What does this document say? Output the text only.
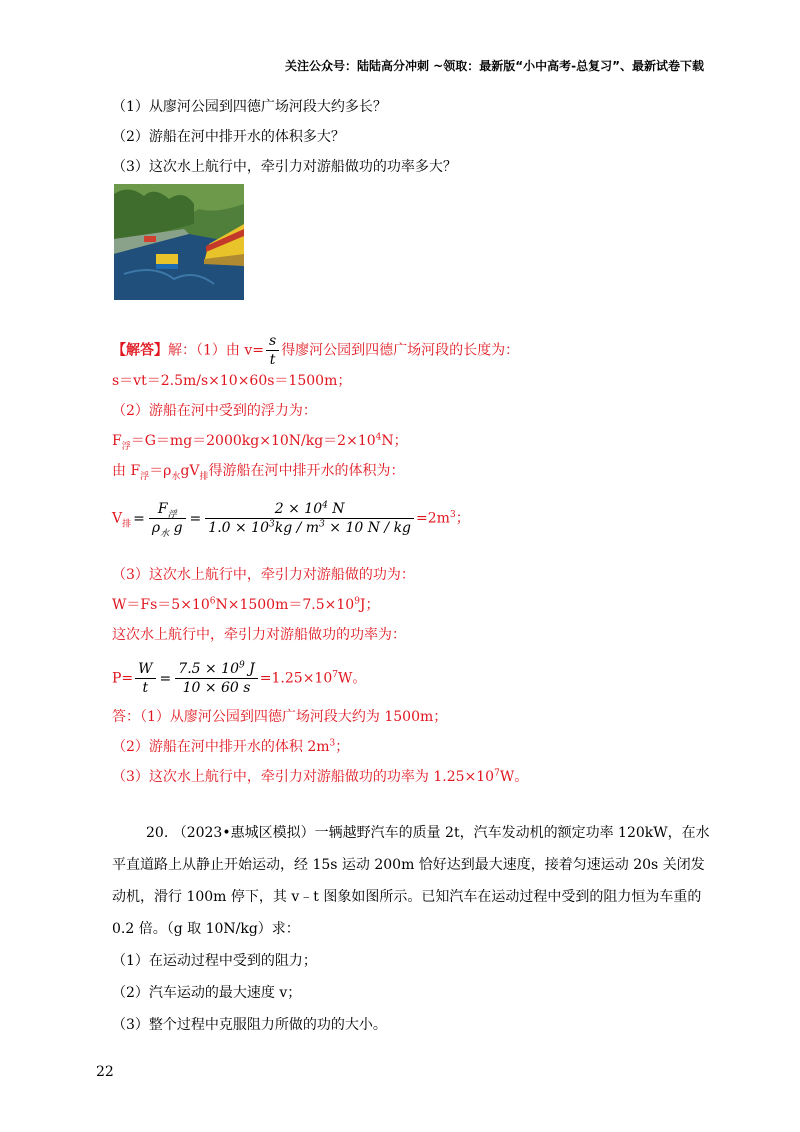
关注公众号：陆陆高分冲刺 ~领取：最新版“小中高考-总复习”、最新试卷下载
（1）从廖河公园到四德广场河段大约多长？
（2）游船在河中排开水的体积多大？
（3）这次水上航行中，牵引力对游船做功的功率多大？
【解答】解：（1）由 $v= \frac{s}{t}$ 得廖河公园到四德广场河段的长度为：
s＝vt＝2.5m/s×10×60s＝1500m；
（2）游船在河中受到的浮力为：
$F_浮=G=mg=2000kg\times 10N/kg=2\times 10^4N$；
由 $F_浮=\rho_水gV_排$得游船在河中排开水的体积为：
$V_排 = \frac{F_浮}{\rho_水 g} = \frac{2 \times 10^4 N}{1.0 \times 10^3kg / m^3 \times 10 N / kg} =2m^3$；
（3）这次水上航行中，牵引力对游船做的功为：
$W=Fs=5\times 10^6N\times 1500m=7.5\times 10^9J$；
这次水上航行中，牵引力对游船做功的功率为：
$P= \frac{W}{t} = \frac{7.5 \times 10^9 J}{10 \times 60 s} =1.25\times 10^7W$。
答：（1）从廖河公园到四德广场河段大约为 1500m；
（2）游船在河中排开水的体积 $2m^3$；
（3）这次水上航行中，牵引力对游船做功的功率为 $1.25\times 10^7W$。
20. （2023•惠城区模拟）一辆越野汽车的质量 2t，汽车发动机的额定功率 120kW，在水
平直道路上从静止开始运动，经 15s 运动 200m 恰好达到最大速度，接着匀速运动 20s 关闭发
动机，滑行 100m 停下，其 v﹣t 图象如图所示。已知汽车在运动过程中受到的阻力恒为车重的
0.2 倍。（g 取 10N/kg）求：
（1）在运动过程中受到的阻力；
（2）汽车运动的最大速度 v；
（3）整个过程中克服阻力所做的功的大小。
22
